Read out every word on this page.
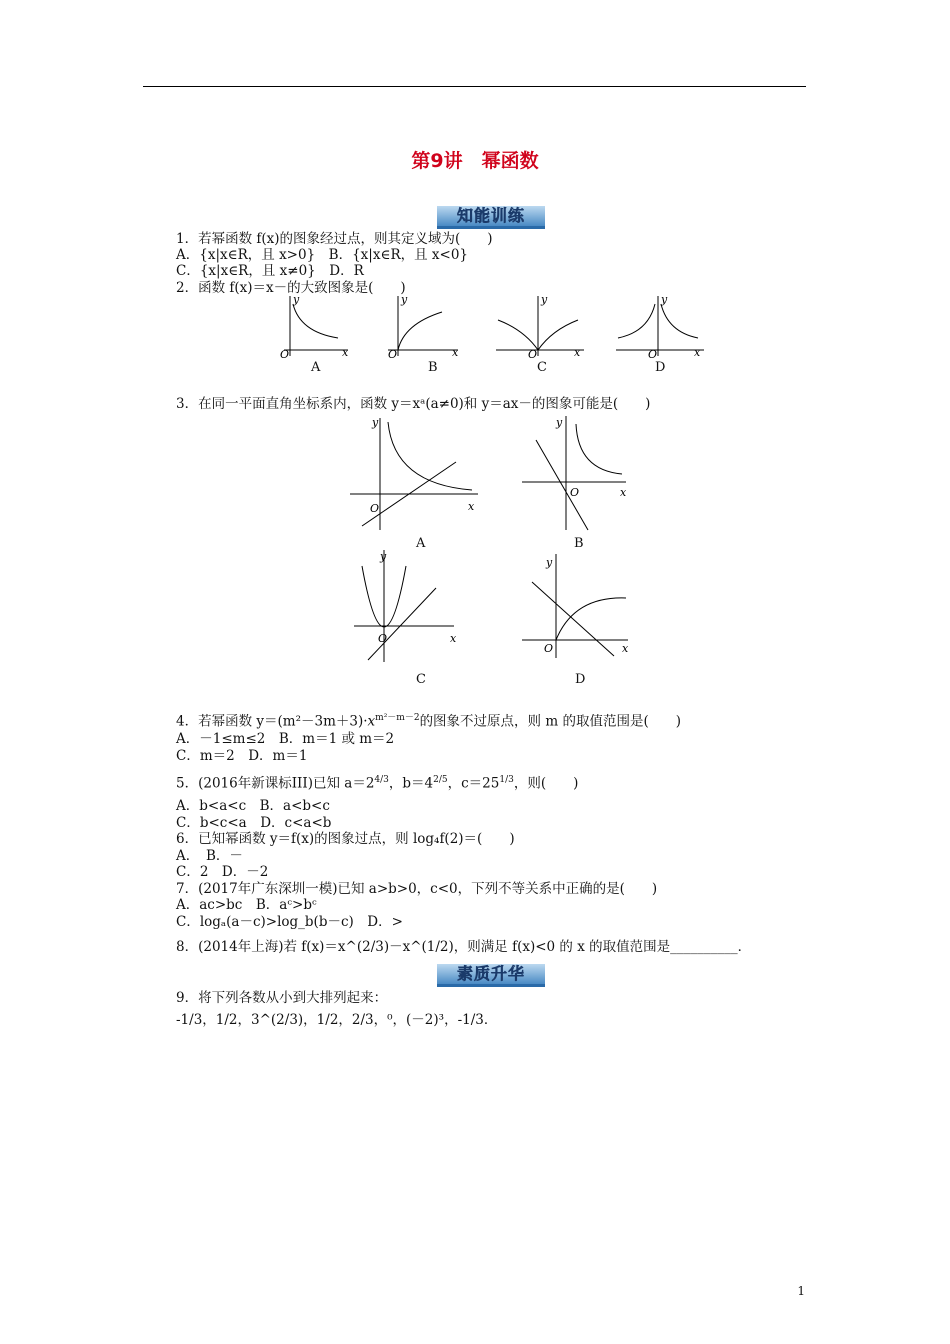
第9讲　幂函数
知能训练
1．若幂函数 f(x)的图象经过点，则其定义域为(　　)
A．{x|x∈R，且 x>0}　B．{x|x∈R，且 x<0}
C．{x|x∈R，且 x≠0}　D．R
2．函数 f(x)＝x－的大致图象是(　　)
O	x
y
O	x
y
O	x
y
O	x
y
A	B	C	D
3．在同一平面直角坐标系内，函数 y＝xᵃ(a≠0)和 y＝ax－的图象可能是(　　)
O	x
y
O	x
y
A	B
O	x
y
O	x
y
C	D
4．若幂函数 $y=(m^2-3m+3)\cdot x^{m^2-m-2}$的图象不过原点，则 m 的取值范围是(　　)
A．－1≤m≤2　B．m＝1 或 m＝2
C．m＝2　D．m＝1
5．(2016年新课标III)已知 $a=2^{4/3}$，$b=4^{2/5}$，$c=25^{1/3}$，则(　　)
A．b<a<c　B．a<b<c
C．b<c<a　D．c<a<b
6．已知幂函数 y＝f(x)的图象过点，则 log₄f(2)＝(　　)
A．　B．－
C．2　D．－2
7．(2017年广东深圳一模)已知 a>b>0，c<0，下列不等关系中正确的是(　　)
A．ac>bc　B．aᶜ>bᶜ
C．logₐ(a－c)>log_b(b－c)　D．>
8．(2014年上海)若 f(x)＝x^(2/3)－x^(1/2)，则满足 f(x)<0 的 x 的取值范围是__________．
素质升华
9．将下列各数从小到大排列起来：
-1/3，1/2，3^(2/3)，1/2，2/3，⁰，(－2)³，-1/3．
1
